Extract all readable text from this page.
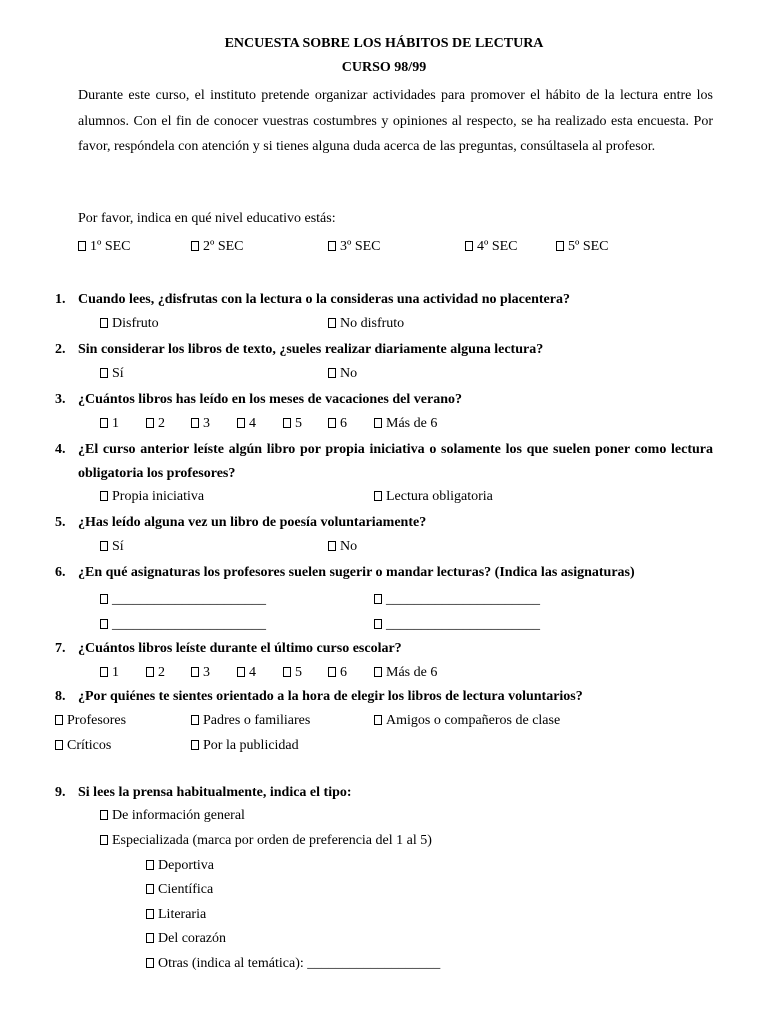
ENCUESTA SOBRE LOS HÁBITOS DE LECTURA
CURSO 98/99
Durante este curso, el instituto pretende organizar actividades para promover el hábito de la lectura entre los alumnos. Con el fin de conocer vuestras costumbres y opiniones al respecto, se ha realizado esta encuesta. Por favor, respóndela con atención y si tienes alguna duda acerca de las preguntas, consúltasela al profesor.
Por favor, indica en qué nivel educativo estás:
1º SEC	2º SEC	3º SEC	4º SEC	5º SEC
1. Cuando lees, ¿disfrutas con la lectura o la consideras una actividad no placentera?
Disfruto	No disfruto
2. Sin considerar los libros de texto, ¿sueles realizar diariamente alguna lectura?
Sí	No
3. ¿Cuántos libros has leído en los meses de vacaciones del verano?
1	2	3	4	5	6	Más de 6
4. ¿El curso anterior leíste algún libro por propia iniciativa o solamente los que suelen poner como lectura obligatoria los profesores?
Propia iniciativa	Lectura obligatoria
5. ¿Has leído alguna vez un libro de poesía voluntariamente?
Sí	No
6. ¿En qué asignaturas los profesores suelen sugerir o mandar lecturas? (Indica las asignaturas)
______________________	______________________
______________________	______________________
7. ¿Cuántos libros leíste durante el último curso escolar?
1	2	3	4	5	6	Más de 6
8. ¿Por quiénes te sientes orientado a la hora de elegir los libros de lectura voluntarios?
Profesores	Padres o familiares	Amigos o compañeros de clase
Críticos	Por la publicidad
9. Si lees la prensa habitualmente, indica el tipo:
De información general
Especializada (marca por orden de preferencia del 1 al 5)
Deportiva
Científica
Literaria
Del corazón
Otras (indica al temática): ___________________
